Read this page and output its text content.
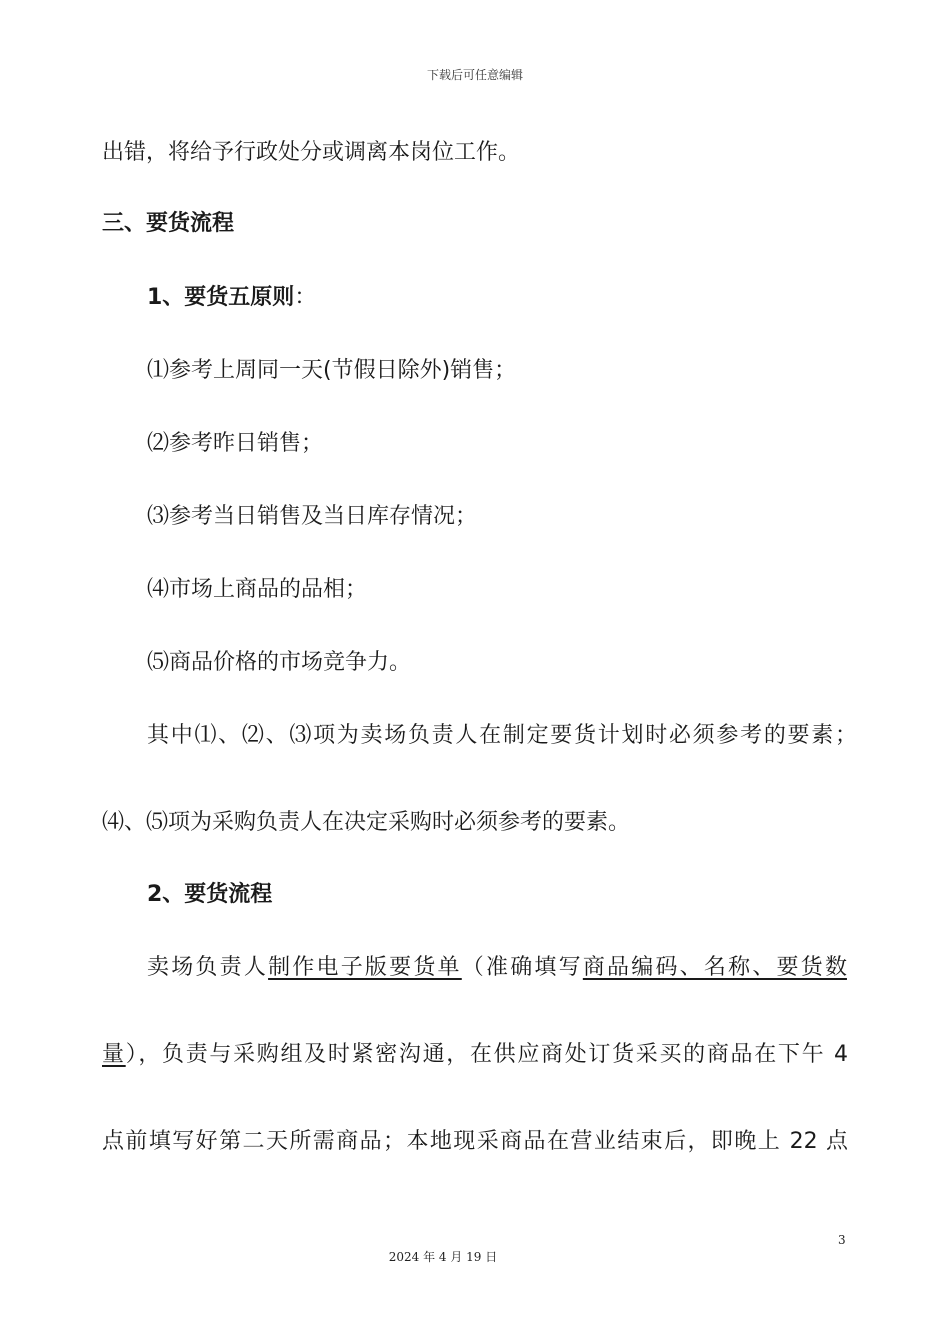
下载后可任意编辑
出错，将给予行政处分或调离本岗位工作。
三、要货流程
1、要货五原则：
⑴参考上周同一天(节假日除外)销售；
⑵参考昨日销售；
⑶参考当日销售及当日库存情况；
⑷市场上商品的品相；
⑸商品价格的市场竞争力。
其中⑴、⑵、⑶项为卖场负责人在制定要货计划时必须参考的要素；
⑷、⑸项为采购负责人在决定采购时必须参考的要素。
2、要货流程
卖场负责人制作电子版要货单（准确填写商品编码、名称、要货数
量），负责与采购组及时紧密沟通，在供应商处订货采买的商品在下午 4
点前填写好第二天所需商品；本地现采商品在营业结束后，即晚上 22 点
3
2024 年 4 月 19 日
